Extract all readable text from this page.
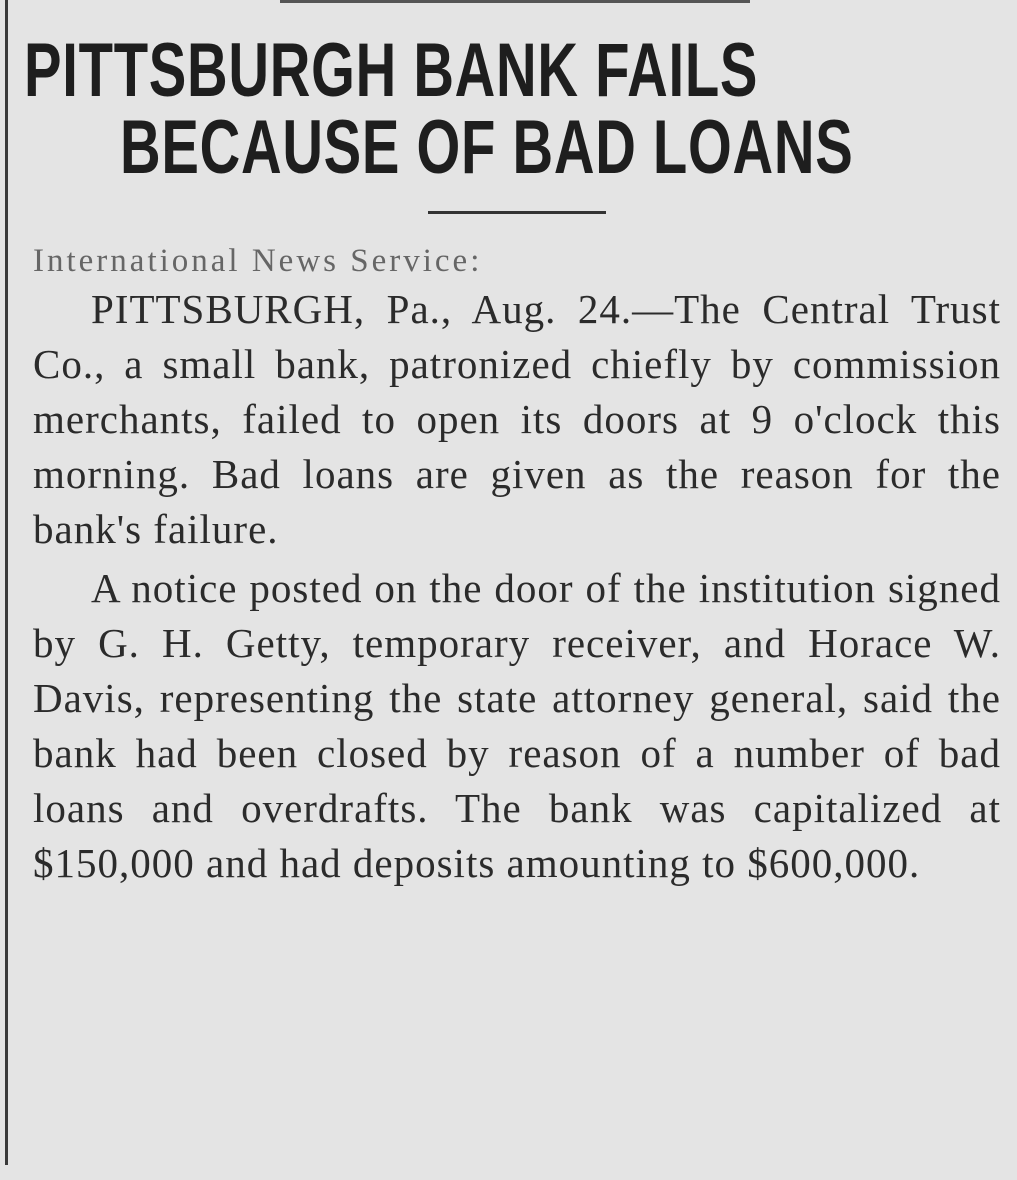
PITTSBURGH BANK FAILS
BECAUSE OF BAD LOANS

International News Service:

PITTSBURGH, Pa., Aug. 24.—The Central Trust Co., a small bank, patronized chiefly by commission merchants, failed to open its doors at 9 o'clock this morning. Bad loans are given as the reason for the bank's failure.

A notice posted on the door of the institution signed by G. H. Getty, temporary receiver, and Horace W. Davis, representing the state attorney general, said the bank had been closed by reason of a number of bad loans and overdrafts. The bank was capitalized at $150,000 and had deposits amounting to $600,000.
